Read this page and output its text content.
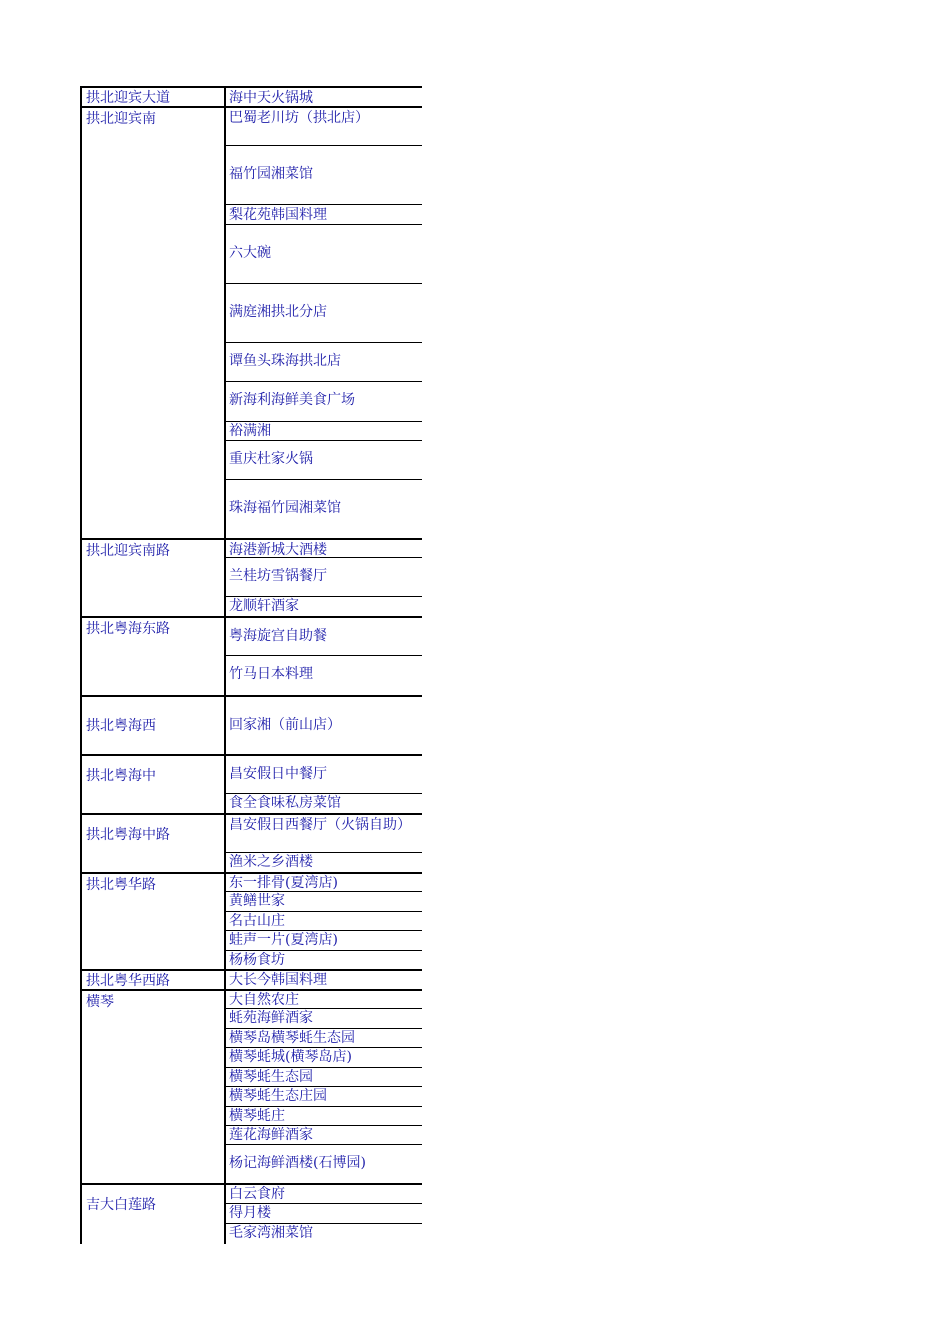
拱北迎宾大道
拱北迎宾南
拱北迎宾南路
拱北粤海东路
拱北粤海西
拱北粤海中
拱北粤海中路
拱北粤华路
拱北粤华西路
横琴
吉大白莲路
海中天火锅城
巴蜀老川坊（拱北店）
福竹园湘菜馆
梨花苑韩国料理
六大碗
满庭湘拱北分店
谭鱼头珠海拱北店
新海利海鲜美食广场
裕满湘
重庆杜家火锅
珠海福竹园湘菜馆
海港新城大酒楼
兰桂坊雪锅餐厅
龙顺轩酒家
粤海旋宫自助餐
竹马日本料理
回家湘（前山店）
昌安假日中餐厅
食全食味私房菜馆
昌安假日西餐厅（火锅自助）
渔米之乡酒楼
东一排骨(夏湾店)
黄鳝世家
名古山庄
蛙声一片(夏湾店)
杨杨食坊
大长今韩国料理
大自然农庄
蚝苑海鲜酒家
横琴岛横琴蚝生态园
横琴蚝城(横琴岛店)
横琴蚝生态园
横琴蚝生态庄园
横琴蚝庄
莲花海鲜酒家
杨记海鲜酒楼(石博园)
白云食府
得月楼
毛家湾湘菜馆
